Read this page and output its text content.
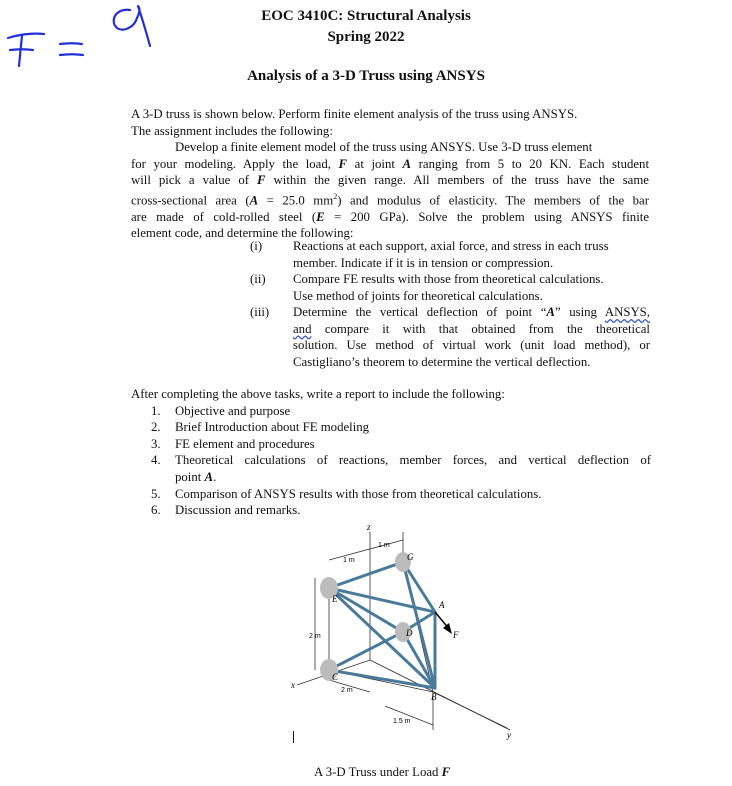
EOC 3410C: Structural Analysis
Spring 2022
Analysis of a 3-D Truss using ANSYS
A 3-D truss is shown below. Perform finite element analysis of the truss using ANSYS.
The assignment includes the following:
Develop a finite element model of the truss using ANSYS. Use 3-D truss element
for your modeling. Apply the load, F at joint A ranging from 5 to 20 KN. Each student
will pick a value of F within the given range. All members of the truss have the same
cross-sectional area (A = 25.0 $mm^2$) and modulus of elasticity. The members of the bar
are made of cold-rolled steel (E = 200 GPa). Solve the problem using ANSYS finite
element code, and determine the following:
(i) Reactions at each support, axial force, and stress in each truss
member. Indicate if it is in tension or compression.
(ii) Compare FE results with those from theoretical calculations.
Use method of joints for theoretical calculations.
(iii) Determine the vertical deflection of point “A” using ANSYS,
and compare it with that obtained from the theoretical
solution. Use method of virtual work (unit load method), or
Castigliano’s theorem to determine the vertical deflection.
After completing the above tasks, write a report to include the following:
1. Objective and purpose
2. Brief Introduction about FE modeling
3. FE element and procedures
4. Theoretical calculations of reactions, member forces, and vertical deflection of
point A.
5. Comparison of ANSYS results with those from theoretical calculations.
6. Discussion and remarks.
z
x
y
G
A
F
E
D
C
B
1 m
1 m
2 m
2 m
1.5 m
A 3-D Truss under Load F
